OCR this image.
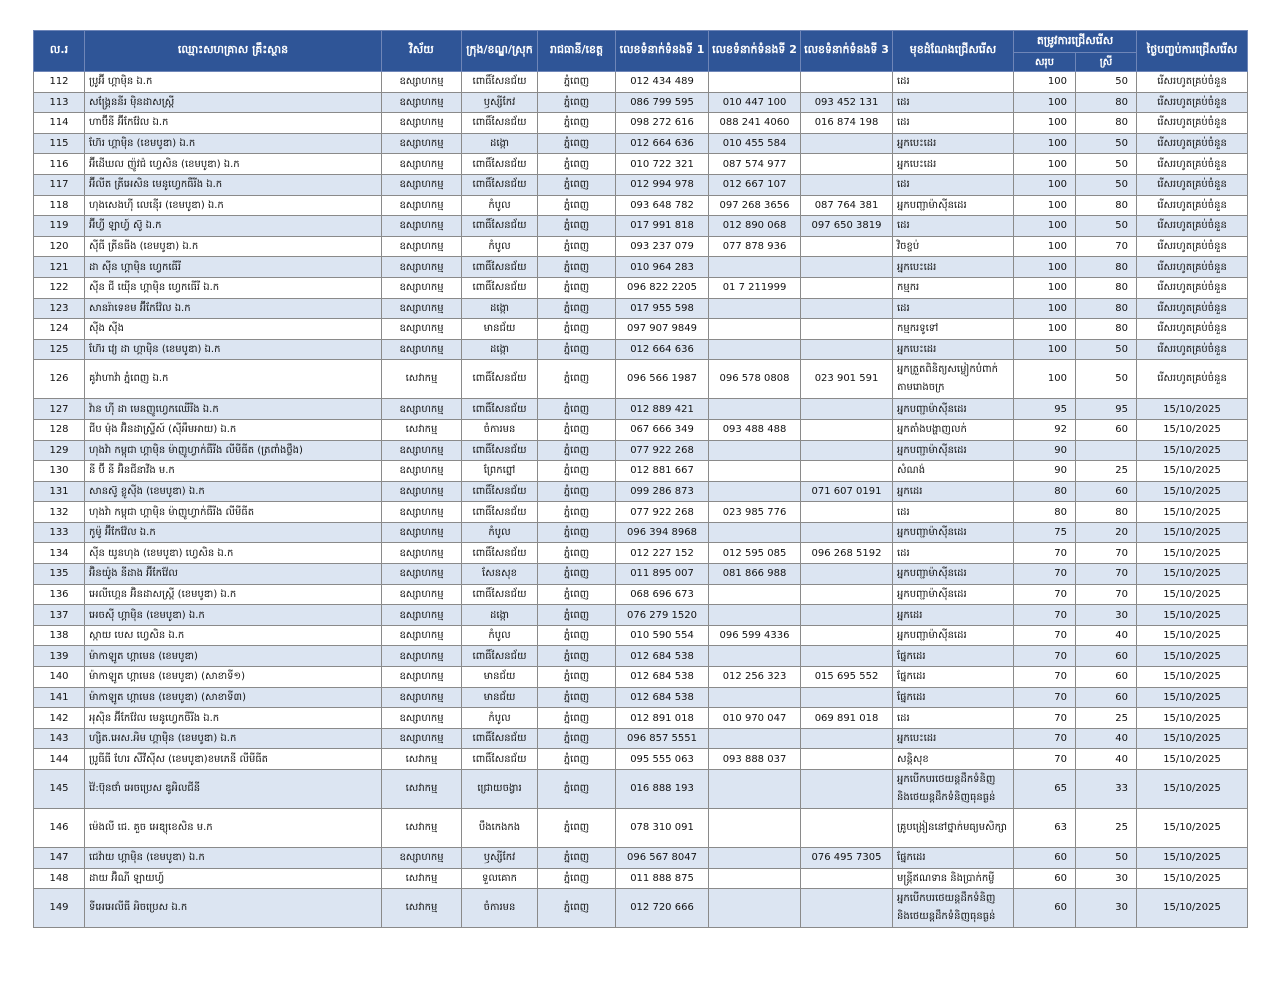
ល.រ	ឈ្មោះសហគ្រាស គ្រឹះស្ថាន	វិស័យ	ក្រុង/ខណ្ឌ/ស្រុក	រាជធានី/ខេត្ត	លេខទំនាក់ទំនងទី 1	លេខទំនាក់ទំនងទី 2	លេខទំនាក់ទំនងទី 3	មុខដំណែងជ្រើសរើស	តម្រូវការជ្រើសរើស		ថ្ងៃបញ្ចប់ការជ្រើសរើស
									សរុប	ស្រី	
112	ប្រូអ៊ី ហ្គាម៉ិន ឯ.ក	ឧស្សាហកម្ម	ពោធិ៍សែនជ័យ	ភ្នំពេញ	012 434 489			ដេរ	100	50	រើសរហូតគ្រប់ចំនួន
113	សង្គ្រែននីរ ម៉ិនដាសស្ត្រី	ឧស្សាហកម្ម	ឫស្សីកែវ	ភ្នំពេញ	086 799 595	010 447 100	093 452 131	ដេរ	100	80	រើសរហូតគ្រប់ចំនួន
114	ហាប៊ីនី អ៊ីកែវ៉ែល ឯ.ក	ឧស្សាហកម្ម	ពោធិ៍សែនជ័យ	ភ្នំពេញ	098 272 616	088 241 4060	016 874 198	ដេរ	100	80	រើសរហូតគ្រប់ចំនួន
115	ហ៊ែរ ហ្គាម៉ិន (ខេមបូឌា) ឯ.ក	ឧស្សាហកម្ម	ដង្កោ	ភ្នំពេញ	012 664 636	010 455 584		អ្នកបេះដេរ	100	50	រើសរហូតគ្រប់ចំនួន
116	អ៊ីដើឃល ញ៉ូវជ៉ ហ្វេសិន (ខេមបូឌា) ឯ.ក	ឧស្សាហកម្ម	ពោធិ៍សែនជ័យ	ភ្នំពេញ	010 722 321	087 574 977		អ្នកបេះដេរ	100	50	រើសរហូតគ្រប់ចំនួន
117	អ៊ីលីត ត្រីអេសិន មេនូហ្វេកធឺរីង ឯ.ក	ឧស្សាហកម្ម	ពោធិ៍សែនជ័យ	ភ្នំពេញ	012 994 978	012 667 107		ដេរ	100	50	រើសរហូតគ្រប់ចំនួន
118	ហុងសេងហ៊ី លេន៉ើរ (ខេមបូឌា) ឯ.ក	ឧស្សាហកម្ម	កំបូល	ភ្នំពេញ	093 648 782	097 268 3656	087 764 381	អ្នកបញ្ជាម៉ាស៊ីនដេរ	100	80	រើសរហូតគ្រប់ចំនួន
119	អ៊ីហ្វី ឡាហ្វ៍ ស៊ូ ឯ.ក	ឧស្សាហកម្ម	ពោធិ៍សែនជ័យ	ភ្នំពេញ	017 991 818	012 890 068	097 650 3819	ដេរ	100	50	រើសរហូតគ្រប់ចំនួន
120	ស៊ីធី ត្រីនធីង (ខេមបូឌា) ឯ.ក	ឧស្សាហកម្ម	កំបូល	ភ្នំពេញ	093 237 079	077 878 936		វិចខ្ចប់	100	70	រើសរហូតគ្រប់ចំនួន
121	ដា ស៊ីន ហ្គាម៉ិន ហ្វេកធើរី	ឧស្សាហកម្ម	ពោធិ៍សែនជ័យ	ភ្នំពេញ	010 964 283			អ្នកបេះដេរ	100	80	រើសរហូតគ្រប់ចំនួន
122	ស៊ីន ជី យ៉ើន ហ្គាម៉ិន ហ្វេកធើរី ឯ.ក	ឧស្សាហកម្ម	ពោធិ៍សែនជ័យ	ភ្នំពេញ	096 822 2205	01 7 211999		កម្មករ	100	80	រើសរហូតគ្រប់ចំនួន
123	សានរ៉ាទេខម អ៊ីកែវ៉ែល ឯ.ក	ឧស្សាហកម្ម	ដង្កោ	ភ្នំពេញ	017 955 598			ដេរ	100	80	រើសរហូតគ្រប់ចំនួន
124	ស៊ីង ស៊ីង	ឧស្សាហកម្ម	មានជ័យ	ភ្នំពេញ	097 907 9849			កម្មករទូទៅ	100	80	រើសរហូតគ្រប់ចំនួន
125	ហ៊ែរ វ្យេ ដា ហ្គាម៉ិន (ខេមបូឌា) ឯ.ក	ឧស្សាហកម្ម	ដង្កោ	ភ្នំពេញ	012 664 636			អ្នកបេះដេរ	100	50	រើសរហូតគ្រប់ចំនួន
126	គូវ៉ាហាវ៉ា ភ្នំពេញ ឯ.ក	សេវាកម្ម	ពោធិ៍សែនជ័យ	ភ្នំពេញ	096 566 1987	096 578 0808	023 901 591	អ្នកត្រួតពិនិត្យសម្លៀកបំពាក់តាមរោងចក្រ	100	50	រើសរហូតគ្រប់ចំនួន
127	វ៉ាន ហ៊ី ដា មេនញូហ្វេកឈើរីង ឯ.ក	ឧស្សាហកម្ម	ពោធិ៍សែនជ័យ	ភ្នំពេញ	012 889 421			អ្នកបញ្ជាម៉ាស៊ីនដេរ	95	95	15/10/2025
128	ជីប ម៉ុង អ៊ិនដាស្ទ្រីស៍ (ស៊ីអឹមអាយ) ឯ.ក	សេវាកម្ម	ចំការមន	ភ្នំពេញ	067 666 349	093 488 488		អ្នកតាំងបង្ហាញលក់	92	60	15/10/2025
129	ហុងវ៉ា កម្ពុជា ហ្គាម៉ិន ម៉ាញូហ្វាក់ធឺរីង លីមីធីត (ត្រពាំងថ្លឹង)	ឧស្សាហកម្ម	ពោធិ៍សែនជ័យ	ភ្នំពេញ	077 922 268			អ្នកបញ្ជាម៉ាស៊ីនដេរ	90		15/10/2025
130	នី ប៊ី នី អ៊ិនជីនាវីង ម.ក	ឧស្សាហកម្ម	ព្រែកព្នៅ	ភ្នំពេញ	012 881 667			សំណង់	90	25	15/10/2025
131	សានស៊ូ ខ្លូស៊ីង (ខេមបូឌា) ឯ.ក	ឧស្សាហកម្ម	ពោធិ៍សែនជ័យ	ភ្នំពេញ	099 286 873		071 607 0191	អ្នកដេរ	80	60	15/10/2025
132	ហុងវ៉ា កម្ពុជា ហ្គាម៉ិន ម៉ាញូហ្វាក់ធឺរីង លីមីធីត	ឧស្សាហកម្ម	ពោធិ៍សែនជ័យ	ភ្នំពេញ	077 922 268	023 985 776		ដេរ	80	80	15/10/2025
133	កូម៉ូ អ៊ីកែវ៉ែល ឯ.ក	ឧស្សាហកម្ម	កំបូល	ភ្នំពេញ	096 394 8968			អ្នកបញ្ជាម៉ាស៊ីនដេរ	75	20	15/10/2025
134	ស៊ីន យូនហុង (ខេមបូឌា) ហ្វេសិន ឯ.ក	ឧស្សាហកម្ម	ពោធិ៍សែនជ័យ	ភ្នំពេញ	012 227 152	012 595 085	096 268 5192	ដេរ	70	70	15/10/2025
135	អ៊ិនយ៉ូង នីដាង អ៊ីកែវ៉ែល	ឧស្សាហកម្ម	សែនសុខ	ភ្នំពេញ	011 895 007	081 866 988		អ្នកបញ្ជាម៉ាស៊ីនដេរ	70	70	15/10/2025
136	អេលីហ្គេន អ៊ិនដាសស្ត្រី (ខេមបូឌា) ឯ.ក	ឧស្សាហកម្ម	ពោធិ៍សែនជ័យ	ភ្នំពេញ	068 696 673			អ្នកបញ្ជាម៉ាស៊ីនដេរ	70	70	15/10/2025
137	អេចស៊ី ហ្គាម៉ិន (ខេមបូឌា) ឯ.ក	ឧស្សាហកម្ម	ដង្កោ	ភ្នំពេញ	076 279 1520			អ្នកដេរ	70	30	15/10/2025
138	ស្កាយ បេស ហ្វេសិន ឯ.ក	ឧស្សាហកម្ម	កំបូល	ភ្នំពេញ	010 590 554	096 599 4336		អ្នកបញ្ជាម៉ាស៊ីនដេរ	70	40	15/10/2025
139	ម៉ាកាឡូត ហ្គាមេន (ខេមបូឌា)	ឧស្សាហកម្ម	ពោធិ៍សែនជ័យ	ភ្នំពេញ	012 684 538			ផ្នែកដេរ	70	60	15/10/2025
140	ម៉ាកាឡូត ហ្គាមេន (ខេមបូឌា) (សាខាទី១)	ឧស្សាហកម្ម	មានជ័យ	ភ្នំពេញ	012 684 538	012 256 323	015 695 552	ផ្នែកដេរ	70	60	15/10/2025
141	ម៉ាកាឡូត ហ្គាមេន (ខេមបូឌា) (សាខាទី៣)	ឧស្សាហកម្ម	មានជ័យ	ភ្នំពេញ	012 684 538			ផ្នែកដេរ	70	60	15/10/2025
142	អុស៊ិន អ៊ីកែវ៉ែល មេនូហ្វេកចឺរីង ឯ.ក	ឧស្សាហកម្ម	កំបូល	ភ្នំពេញ	012 891 018	010 970 047	069 891 018	ដេរ	70	25	15/10/2025
143	ហ្សិត.អេស.អិម ហ្គាម៉ិន (ខេមបូឌា) ឯ.ក	ឧស្សាហកម្ម	ពោធិ៍សែនជ័យ	ភ្នំពេញ	096 857 5551			អ្នកបេះដេរ	70	40	15/10/2025
144	ប្រូធីធី ហែរ សឺវីស៊ីស (ខេមបូឌា)ខមភេនី លីមីធីត	សេវាកម្ម	ពោធិ៍សែនជ័យ	ភ្នំពេញ	095 555 063	093 888 037		សន្តិសុខ	70	40	15/10/2025
145	វ៉ៃ:ប៊ុនថាំ អេចប្រេស ឌូអិលជីនី	សេវាកម្ម	ជ្រោយចង្វារ	ភ្នំពេញ	016 888 193			អ្នកបើកបរថេយន្តដឹកទំនិញ និងថេយន្តដឹកទំនិញធុនធ្ងន់	65	33	15/10/2025
146	ម៉េងលី ជេ. គួច អេឌ្យុខេសិន ម.ក	សេវាកម្ម	បឹងកេងកង	ភ្នំពេញ	078 310 091			គ្រូបង្រៀននៅថ្នាក់មធ្យមសិក្សា	63	25	15/10/2025
147	ជេវ៉ាយ ហ្គាម៉ិន (ខេមបូឌា) ឯ.ក	ឧស្សាហកម្ម	ឫស្សីកែវ	ភ្នំពេញ	096 567 8047		076 495 7305	ផ្នែកដេរ	60	50	15/10/2025
148	ដាយ អ៊ិណី ឡាយហ្វ៍	សេវាកម្ម	ទួលគោក	ភ្នំពេញ	011 888 875			មន្ត្រីឥណទាន និងប្រាក់កម្ចី	60	30	15/10/2025
149	ទីអេអេលីធី អិចប្រេស ឯ.ក	សេវាកម្ម	ចំការមន	ភ្នំពេញ	012 720 666			អ្នកបើកបរថេយន្តដឹកទំនិញ និងថេយន្តដឹកទំនិញធុនធ្ងន់	60	30	15/10/2025
